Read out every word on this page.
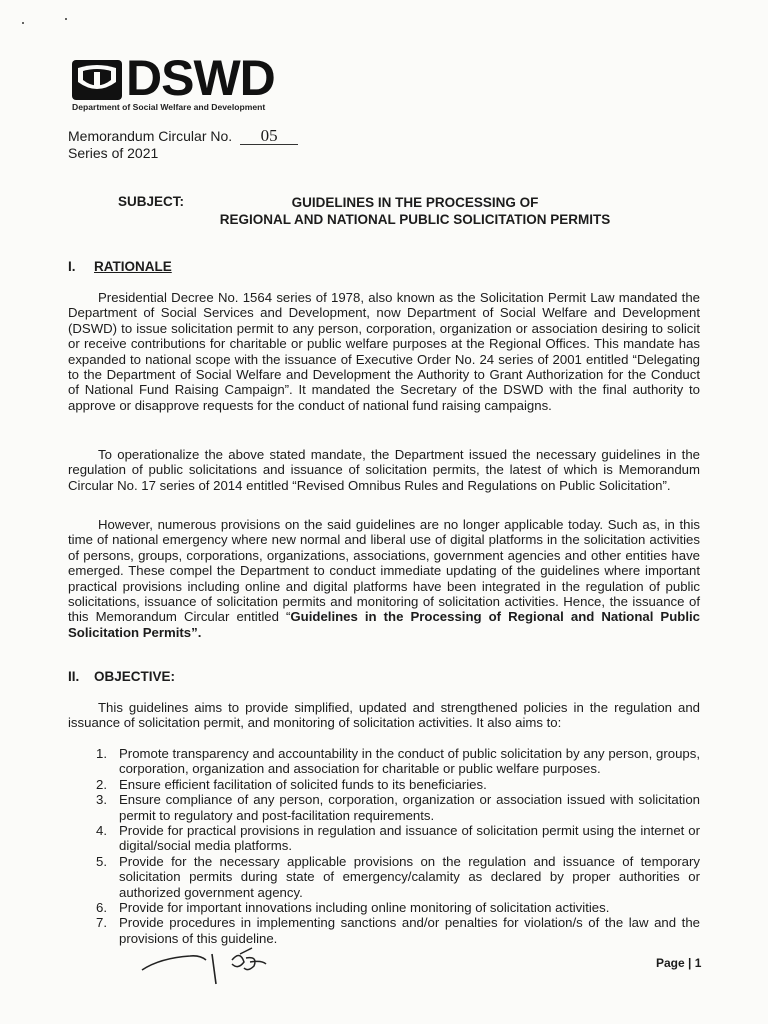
DSWD
Department of Social Welfare and Development
Memorandum Circular No. 05
Series of 2021
SUBJECT:	GUIDELINES IN THE PROCESSING OF
REGIONAL AND NATIONAL PUBLIC SOLICITATION PERMITS
I. RATIONALE

Presidential Decree No. 1564 series of 1978, also known as the Solicitation Permit Law mandated the Department of Social Services and Development, now Department of Social Welfare and Development (DSWD) to issue solicitation permit to any person, corporation, organization or association desiring to solicit or receive contributions for charitable or public welfare purposes at the Regional Offices. This mandate has expanded to national scope with the issuance of Executive Order No. 24 series of 2001 entitled “Delegating to the Department of Social Welfare and Development the Authority to Grant Authorization for the Conduct of National Fund Raising Campaign”. It mandated the Secretary of the DSWD with the final authority to approve or disapprove requests for the conduct of national fund raising campaigns.

To operationalize the above stated mandate, the Department issued the necessary guidelines in the regulation of public solicitations and issuance of solicitation permits, the latest of which is Memorandum Circular No. 17 series of 2014 entitled “Revised Omnibus Rules and Regulations on Public Solicitation”.

However, numerous provisions on the said guidelines are no longer applicable today. Such as, in this time of national emergency where new normal and liberal use of digital platforms in the solicitation activities of persons, groups, corporations, organizations, associations, government agencies and other entities have emerged. These compel the Department to conduct immediate updating of the guidelines where important practical provisions including online and digital platforms have been integrated in the regulation of public solicitations, issuance of solicitation permits and monitoring of solicitation activities. Hence, the issuance of this Memorandum Circular entitled “Guidelines in the Processing of Regional and National Public Solicitation Permits”.

II. OBJECTIVE:

This guidelines aims to provide simplified, updated and strengthened policies in the regulation and issuance of solicitation permit, and monitoring of solicitation activities. It also aims to:

1. Promote transparency and accountability in the conduct of public solicitation by any person, groups, corporation, organization and association for charitable or public welfare purposes.
2. Ensure efficient facilitation of solicited funds to its beneficiaries.
3. Ensure compliance of any person, corporation, organization or association issued with solicitation permit to regulatory and post-facilitation requirements.
4. Provide for practical provisions in regulation and issuance of solicitation permit using the internet or digital/social media platforms.
5. Provide for the necessary applicable provisions on the regulation and issuance of temporary solicitation permits during state of emergency/calamity as declared by proper authorities or authorized government agency.
6. Provide for important innovations including online monitoring of solicitation activities.
7. Provide procedures in implementing sanctions and/or penalties for violation/s of the law and the provisions of this guideline.
Page | 1
